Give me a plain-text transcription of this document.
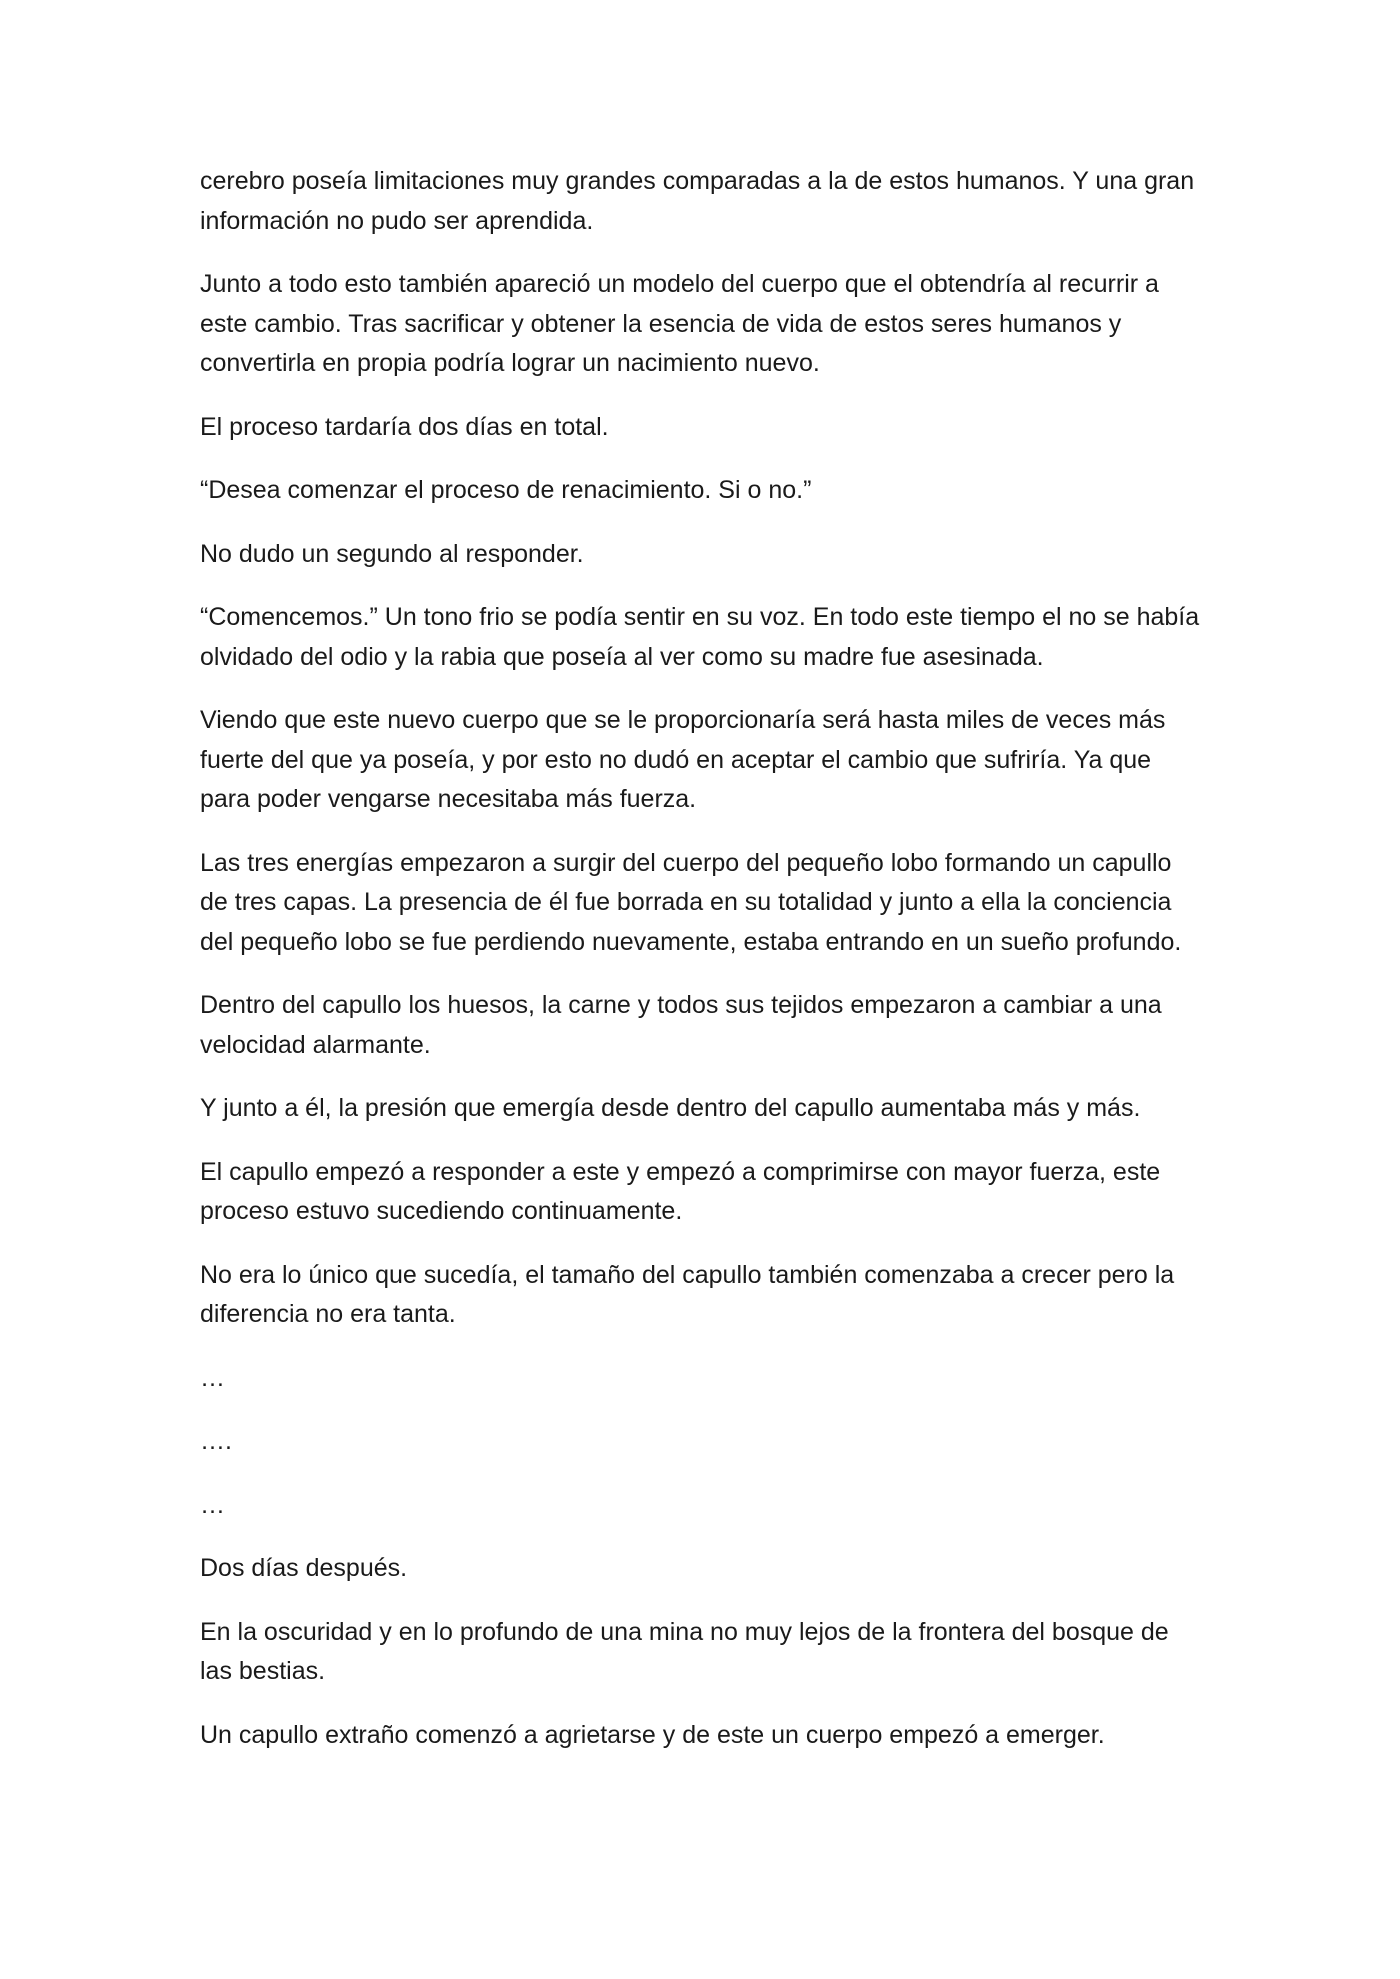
cerebro poseía limitaciones muy grandes comparadas a la de estos humanos. Y una gran información no pudo ser aprendida.

Junto a todo esto también apareció un modelo del cuerpo que el obtendría al recurrir a este cambio. Tras sacrificar y obtener la esencia de vida de estos seres humanos y convertirla en propia podría lograr un nacimiento nuevo.

El proceso tardaría dos días en total.

“Desea comenzar el proceso de renacimiento. Si o no.”

No dudo un segundo al responder.

“Comencemos.” Un tono frio se podía sentir en su voz. En todo este tiempo el no se había olvidado del odio y la rabia que poseía al ver como su madre fue asesinada.

Viendo que este nuevo cuerpo que se le proporcionaría será hasta miles de veces más fuerte del que ya poseía, y por esto no dudó en aceptar el cambio que sufriría. Ya que para poder vengarse necesitaba más fuerza.

Las tres energías empezaron a surgir del cuerpo del pequeño lobo formando un capullo de tres capas. La presencia de él fue borrada en su totalidad y junto a ella la conciencia del pequeño lobo se fue perdiendo nuevamente, estaba entrando en un sueño profundo.

Dentro del capullo los huesos, la carne y todos sus tejidos empezaron a cambiar a una velocidad alarmante.

Y junto a él, la presión que emergía desde dentro del capullo aumentaba más y más.

El capullo empezó a responder a este y empezó a comprimirse con mayor fuerza, este proceso estuvo sucediendo continuamente.

No era lo único que sucedía, el tamaño del capullo también comenzaba a crecer pero la diferencia no era tanta.

…

….

…

Dos días después.

En la oscuridad y en lo profundo de una mina no muy lejos de la frontera del bosque de las bestias.

Un capullo extraño comenzó a agrietarse y de este un cuerpo empezó a emerger.
